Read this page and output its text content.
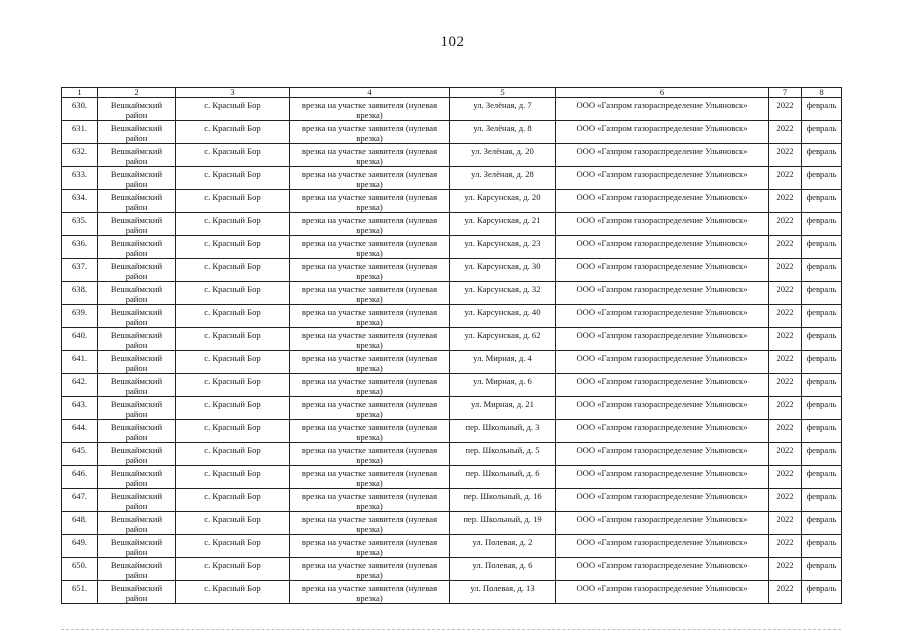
102
1	2	3	4	5	6	7	8
630.	Вешкаймский район	с. Красный Бор	врезка на участке заявителя (нулевая врезка)	ул. Зелёная, д. 7	ООО «Газпром газораспределение Ульяновск»	2022	февраль
631.	Вешкаймский район	с. Красный Бор	врезка на участке заявителя (нулевая врезка)	ул. Зелёная, д. 8	ООО «Газпром газораспределение Ульяновск»	2022	февраль
632.	Вешкаймский район	с. Красный Бор	врезка на участке заявителя (нулевая врезка)	ул. Зелёная, д. 20	ООО «Газпром газораспределение Ульяновск»	2022	февраль
633.	Вешкаймский район	с. Красный Бор	врезка на участке заявителя (нулевая врезка)	ул. Зелёная, д. 28	ООО «Газпром газораспределение Ульяновск»	2022	февраль
634.	Вешкаймский район	с. Красный Бор	врезка на участке заявителя (нулевая врезка)	ул. Карсунская, д. 20	ООО «Газпром газораспределение Ульяновск»	2022	февраль
635.	Вешкаймский район	с. Красный Бор	врезка на участке заявителя (нулевая врезка)	ул. Карсунская, д. 21	ООО «Газпром газораспределение Ульяновск»	2022	февраль
636.	Вешкаймский район	с. Красный Бор	врезка на участке заявителя (нулевая врезка)	ул. Карсунская, д. 23	ООО «Газпром газораспределение Ульяновск»	2022	февраль
637.	Вешкаймский район	с. Красный Бор	врезка на участке заявителя (нулевая врезка)	ул. Карсунская, д. 30	ООО «Газпром газораспределение Ульяновск»	2022	февраль
638.	Вешкаймский район	с. Красный Бор	врезка на участке заявителя (нулевая врезка)	ул. Карсунская, д. 32	ООО «Газпром газораспределение Ульяновск»	2022	февраль
639.	Вешкаймский район	с. Красный Бор	врезка на участке заявителя (нулевая врезка)	ул. Карсунская, д. 40	ООО «Газпром газораспределение Ульяновск»	2022	февраль
640.	Вешкаймский район	с. Красный Бор	врезка на участке заявителя (нулевая врезка)	ул. Карсунская, д. 62	ООО «Газпром газораспределение Ульяновск»	2022	февраль
641.	Вешкаймский район	с. Красный Бор	врезка на участке заявителя (нулевая врезка)	ул. Мирная, д. 4	ООО «Газпром газораспределение Ульяновск»	2022	февраль
642.	Вешкаймский район	с. Красный Бор	врезка на участке заявителя (нулевая врезка)	ул. Мирная, д. 6	ООО «Газпром газораспределение Ульяновск»	2022	февраль
643.	Вешкаймский район	с. Красный Бор	врезка на участке заявителя (нулевая врезка)	ул. Мирная, д. 21	ООО «Газпром газораспределение Ульяновск»	2022	февраль
644.	Вешкаймский район	с. Красный Бор	врезка на участке заявителя (нулевая врезка)	пер. Школьный, д. 3	ООО «Газпром газораспределение Ульяновск»	2022	февраль
645.	Вешкаймский район	с. Красный Бор	врезка на участке заявителя (нулевая врезка)	пер. Школьный, д. 5	ООО «Газпром газораспределение Ульяновск»	2022	февраль
646.	Вешкаймский район	с. Красный Бор	врезка на участке заявителя (нулевая врезка)	пер. Школьный, д. 6	ООО «Газпром газораспределение Ульяновск»	2022	февраль
647.	Вешкаймский район	с. Красный Бор	врезка на участке заявителя (нулевая врезка)	пер. Школьный, д. 16	ООО «Газпром газораспределение Ульяновск»	2022	февраль
648.	Вешкаймский район	с. Красный Бор	врезка на участке заявителя (нулевая врезка)	пер. Школьный, д. 19	ООО «Газпром газораспределение Ульяновск»	2022	февраль
649.	Вешкаймский район	с. Красный Бор	врезка на участке заявителя (нулевая врезка)	ул. Полевая, д. 2	ООО «Газпром газораспределение Ульяновск»	2022	февраль
650.	Вешкаймский район	с. Красный Бор	врезка на участке заявителя (нулевая врезка)	ул. Полевая, д. 6	ООО «Газпром газораспределение Ульяновск»	2022	февраль
651.	Вешкаймский район	с. Красный Бор	врезка на участке заявителя (нулевая врезка)	ул. Полевая, д. 13	ООО «Газпром газораспределение Ульяновск»	2022	февраль
